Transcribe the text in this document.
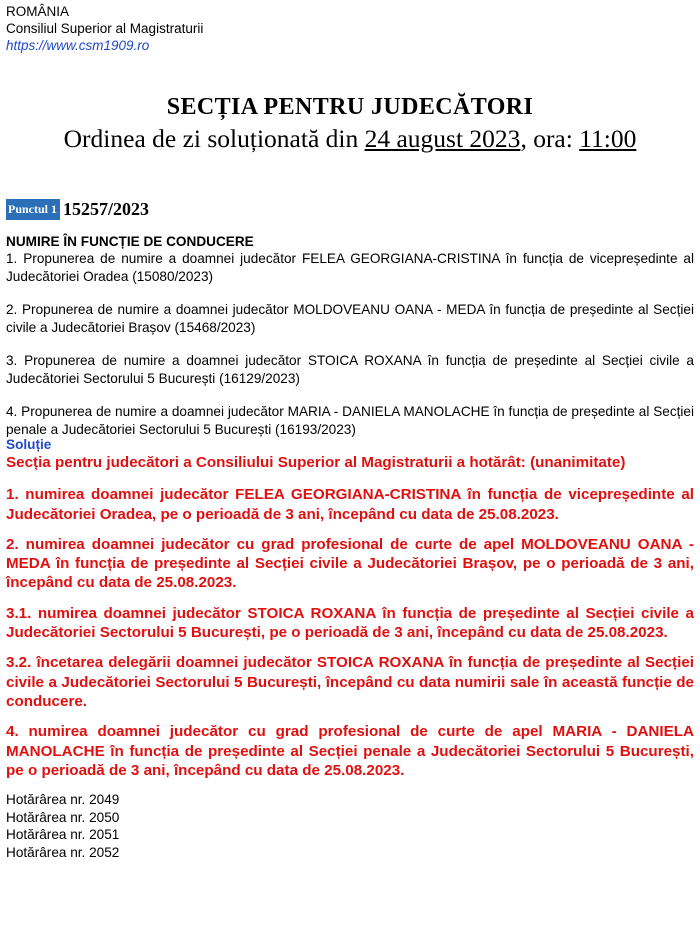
ROMÂNIA
Consiliul Superior al Magistraturii
https://www.csm1909.ro
SECȚIA PENTRU JUDECĂTORI
Ordinea de zi soluționată din 24 august 2023, ora: 11:00
Punctul 1 15257/2023
NUMIRE ÎN FUNCȚIE DE CONDUCERE

1. Propunerea de numire a doamnei judecător FELEA GEORGIANA-CRISTINA în funcția de vicepreședinte al Judecătoriei Oradea (15080/2023)

2. Propunerea de numire a doamnei judecător MOLDOVEANU OANA - MEDA în funcția de președinte al Secției civile a Judecătoriei Brașov (15468/2023)

3. Propunerea de numire a doamnei judecător STOICA ROXANA în funcția de președinte al Secției civile a Judecătoriei Sectorului 5 București (16129/2023)

4. Propunerea de numire a doamnei judecător MARIA - DANIELA MANOLACHE în funcția de președinte al Secției penale a Judecătoriei Sectorului 5 București (16193/2023)

Soluție

Secția pentru judecători a Consiliului Superior al Magistraturii a hotărât: (unanimitate)

1. numirea doamnei judecător FELEA GEORGIANA-CRISTINA în funcția de vicepreședinte al Judecătoriei Oradea, pe o perioadă de 3 ani, începând cu data de 25.08.2023.

2. numirea doamnei judecător cu grad profesional de curte de apel MOLDOVEANU OANA - MEDA în funcția de președinte al Secției civile a Judecătoriei Brașov, pe o perioadă de 3 ani, începând cu data de 25.08.2023.

3.1. numirea doamnei judecător STOICA ROXANA în funcția de președinte al Secției civile a Judecătoriei Sectorului 5 București, pe o perioadă de 3 ani, începând cu data de 25.08.2023.

3.2. încetarea delegării doamnei judecător STOICA ROXANA în funcția de președinte al Secției civile a Judecătoriei Sectorului 5 București, începând cu data numirii sale în această funcție de conducere.

4. numirea doamnei judecător cu grad profesional de curte de apel MARIA - DANIELA MANOLACHE în funcția de președinte al Secției penale a Judecătoriei Sectorului 5 București, pe o perioadă de 3 ani, începând cu data de 25.08.2023.

Hotărârea nr. 2049
Hotărârea nr. 2050
Hotărârea nr. 2051
Hotărârea nr. 2052
